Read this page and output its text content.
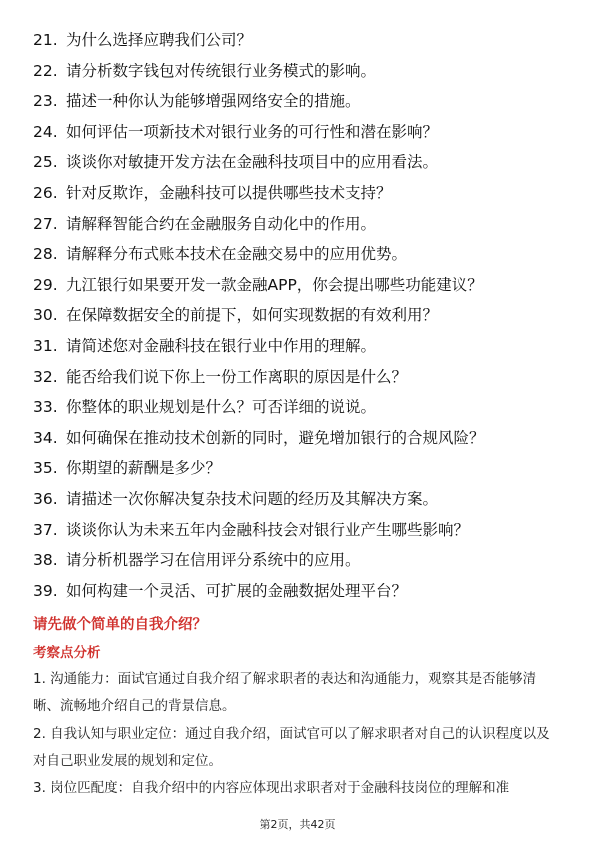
21. 为什么选择应聘我们公司？
22. 请分析数字钱包对传统银行业务模式的影响。
23. 描述一种你认为能够增强网络安全的措施。
24. 如何评估一项新技术对银行业务的可行性和潜在影响？
25. 谈谈你对敏捷开发方法在金融科技项目中的应用看法。
26. 针对反欺诈，金融科技可以提供哪些技术支持？
27. 请解释智能合约在金融服务自动化中的作用。
28. 请解释分布式账本技术在金融交易中的应用优势。
29. 九江银行如果要开发一款金融APP，你会提出哪些功能建议？
30. 在保障数据安全的前提下，如何实现数据的有效利用？
31. 请简述您对金融科技在银行业中作用的理解。
32. 能否给我们说下你上一份工作离职的原因是什么？
33. 你整体的职业规划是什么？可否详细的说说。
34. 如何确保在推动技术创新的同时，避免增加银行的合规风险？
35. 你期望的薪酬是多少？
36. 请描述一次你解决复杂技术问题的经历及其解决方案。
37. 谈谈你认为未来五年内金融科技会对银行业产生哪些影响？
38. 请分析机器学习在信用评分系统中的应用。
39. 如何构建一个灵活、可扩展的金融数据处理平台？
请先做个简单的自我介绍？
考察点分析

1. 沟通能力：面试官通过自我介绍了解求职者的表达和沟通能力，观察其是否能够清晰、流畅地介绍自己的背景信息。

2. 自我认知与职业定位：通过自我介绍，面试官可以了解求职者对自己的认识程度以及对自己职业发展的规划和定位。

3. 岗位匹配度：自我介绍中的内容应体现出求职者对于金融科技岗位的理解和准

第2页，共42页
